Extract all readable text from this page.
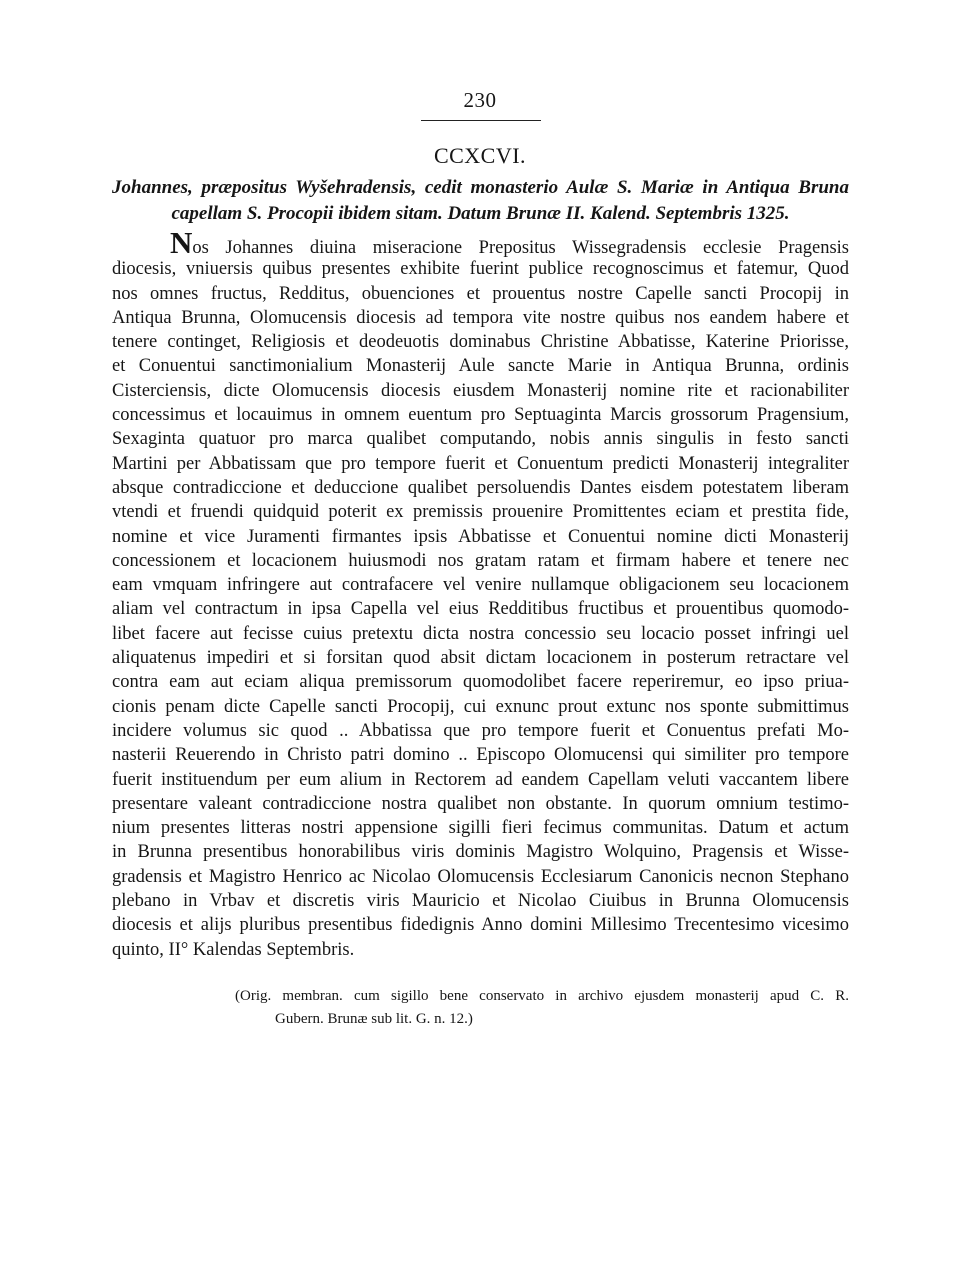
230
CCXCVI.
Johannes, præpositus Wyšehradensis, cedit monasterio Aulæ S. Mariæ in Antiqua Bruna
capellam S. Procopii ibidem sitam. Datum Brunæ II. Kalend. Septembris 1325.
Nos Johannes diuina miseracione Prepositus Wissegradensis ecclesie Pragensis
diocesis, vniuersis quibus presentes exhibite fuerint publice recognoscimus et fatemur, Quod
nos omnes fructus, Redditus, obuenciones et prouentus nostre Capelle sancti Procopij in
Antiqua Brunna, Olomucensis diocesis ad tempora vite nostre quibus nos eandem habere et
tenere continget, Religiosis et deodeuotis dominabus Christine Abbatisse, Katerine Priorisse,
et Conuentui sanctimonialium Monasterij Aule sancte Marie in Antiqua Brunna, ordinis
Cisterciensis, dicte Olomucensis diocesis eiusdem Monasterij nomine rite et racionabiliter
concessimus et locauimus in omnem euentum pro Septuaginta Marcis grossorum Pragensium,
Sexaginta quatuor pro marca qualibet computando, nobis annis singulis in festo sancti
Martini per Abbatissam que pro tempore fuerit et Conuentum predicti Monasterij integraliter
absque contradiccione et deduccione qualibet persoluendis Dantes eisdem potestatem liberam
vtendi et fruendi quidquid poterit ex premissis prouenire Promittentes eciam et prestita fide,
nomine et vice Juramenti firmantes ipsis Abbatisse et Conuentui nomine dicti Monasterij
concessionem et locacionem huiusmodi nos gratam ratam et firmam habere et tenere nec
eam vmquam infringere aut contrafacere vel venire nullamque obligacionem seu locacionem
aliam vel contractum in ipsa Capella vel eius Redditibus fructibus et prouentibus quomodo-
libet facere aut fecisse cuius pretextu dicta nostra concessio seu locacio posset infringi uel
aliquatenus impediri et si forsitan quod absit dictam locacionem in posterum retractare vel
contra eam aut eciam aliqua premissorum quomodolibet facere reperiremur, eo ipso priua-
cionis penam dicte Capelle sancti Procopij, cui exnunc prout extunc nos sponte submittimus
incidere volumus sic quod .. Abbatissa que pro tempore fuerit et Conuentus prefati Mo-
nasterii Reuerendo in Christo patri domino .. Episcopo Olomucensi qui similiter pro tempore
fuerit instituendum per eum alium in Rectorem ad eandem Capellam veluti vaccantem libere
presentare valeant contradiccione nostra qualibet non obstante. In quorum omnium testimo-
nium presentes litteras nostri appensione sigilli fieri fecimus communitas. Datum et actum
in Brunna presentibus honorabilibus viris dominis Magistro Wolquino, Pragensis et Wisse-
gradensis et Magistro Henrico ac Nicolao Olomucensis Ecclesiarum Canonicis necnon Stephano
plebano in Vrbav et discretis viris Mauricio et Nicolao Ciuibus in Brunna Olomucensis
diocesis et alijs pluribus presentibus fidedignis Anno domini Millesimo Trecentesimo vicesimo
quinto, II° Kalendas Septembris.
(Orig. membran. cum sigillo bene conservato in archivo ejusdem monasterij apud C. R.
Gubern. Brunæ sub lit. G. n. 12.)
